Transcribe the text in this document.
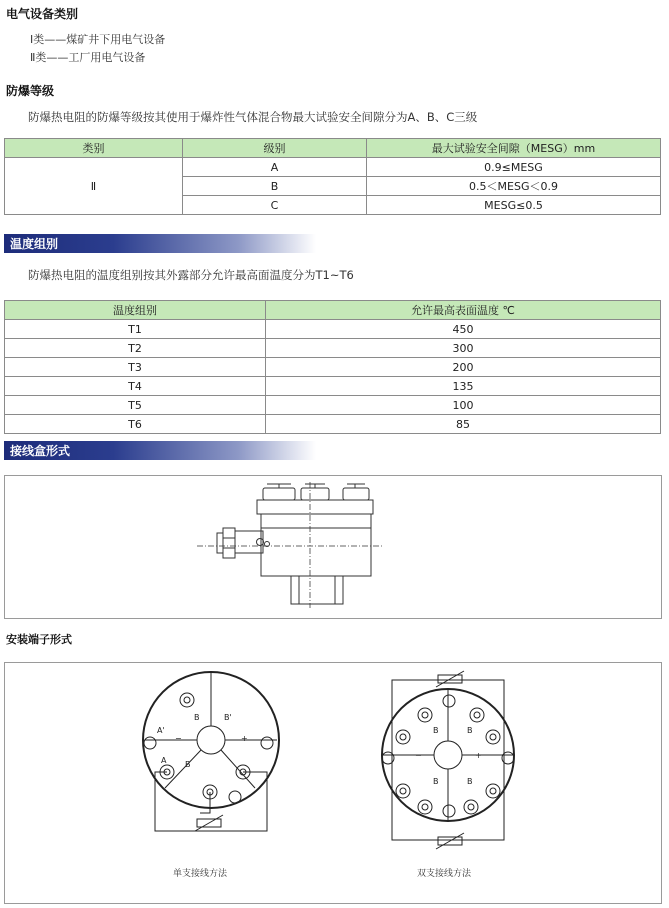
电气设备类别
Ⅰ类——煤矿井下用电气设备
Ⅱ类——工厂用电气设备
防爆等级
防爆热电阻的防爆等级按其使用于爆炸性气体混合物最大试验安全间隙分为A、B、C三级
类别	级别	最大试验安全间隙（MESG）mm
Ⅱ	A	0.9≤MESG
	B	0.5＜MESG＜0.9
	C	MESG≤0.5
温度组别
防爆热电阻的温度组别按其外露部分允许最高面温度分为T1~T6
温度组别	允许最高表面温度 ℃
T1	450
T2	300
T3	200
T4	135
T5	100
T6	85
接线盒形式
安装端子形式
B	B'
A'
A B
−	+
B	B
B	B
−	+
单支接线方法	双支接线方法
